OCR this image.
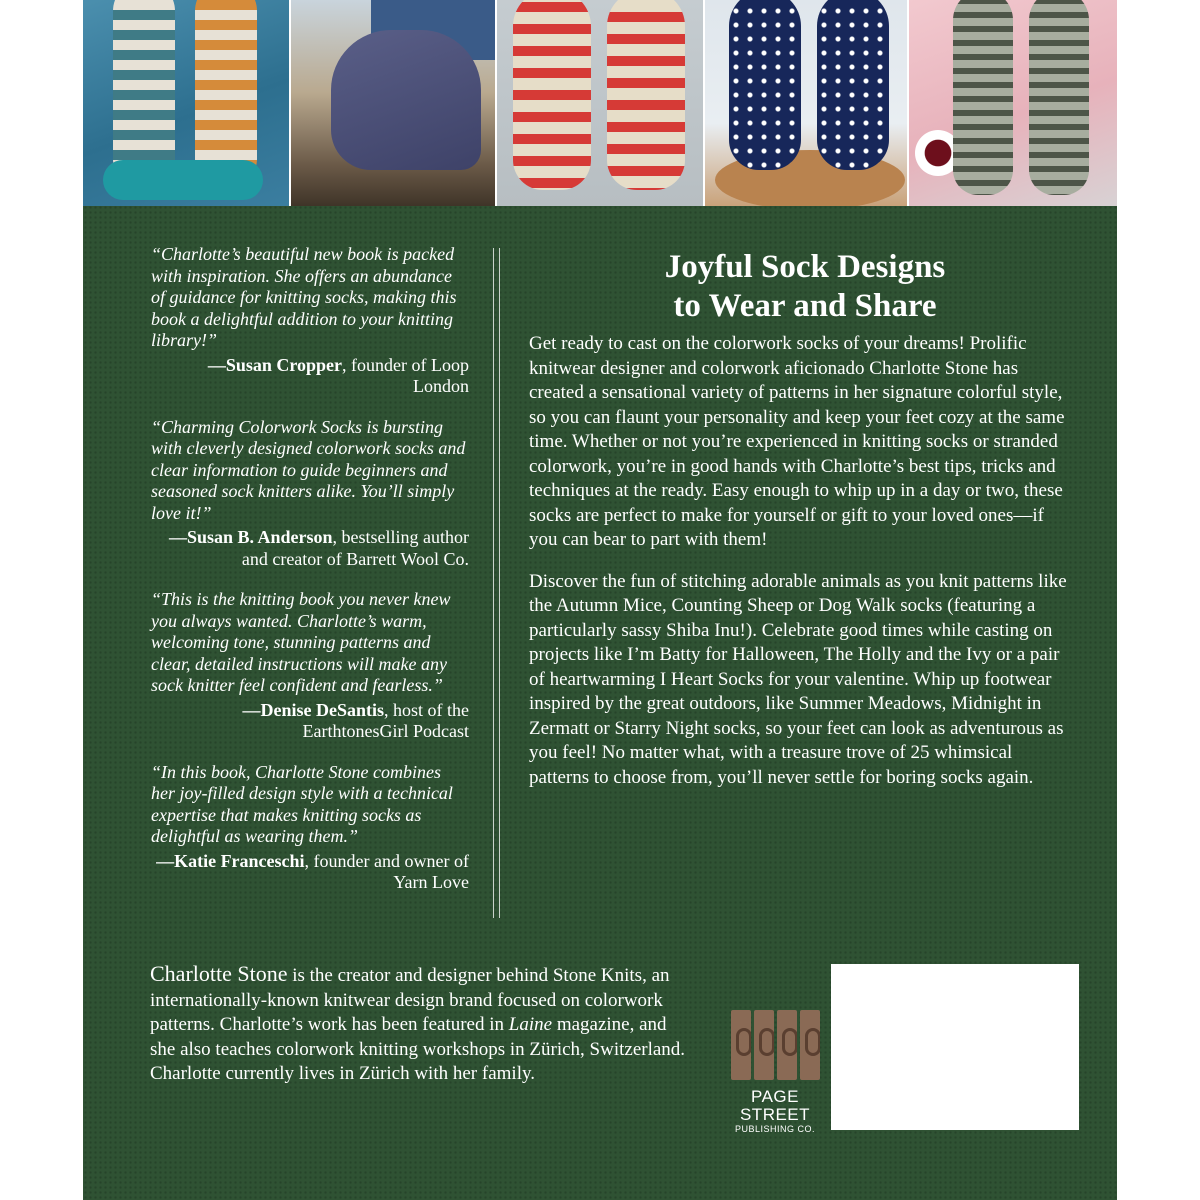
“Charlotte’s beautiful new book is packed with inspiration. She offers an abundance of guidance for knitting socks, making this book a delightful addition to your knitting library!”

—Susan Cropper, founder of Loop London

“Charming Colorwork Socks is bursting with cleverly designed colorwork socks and clear information to guide beginners and seasoned sock knitters alike. You’ll simply love it!”

—Susan B. Anderson, bestselling author and creator of Barrett Wool Co.

“This is the knitting book you never knew you always wanted. Charlotte’s warm, welcoming tone, stunning patterns and clear, detailed instructions will make any sock knitter feel confident and fearless.”

—Denise DeSantis, host of the EarthtonesGirl Podcast

“In this book, Charlotte Stone combines her joy-filled design style with a technical expertise that makes knitting socks as delightful as wearing them.”

—Katie Franceschi, founder and owner of Yarn Love

Joyful Sock Designs
to Wear and Share

Get ready to cast on the colorwork socks of your dreams! Prolific knitwear designer and colorwork aficionado Charlotte Stone has created a sensational variety of patterns in her signature colorful style, so you can flaunt your personality and keep your feet cozy at the same time. Whether or not you’re experienced in knitting socks or stranded colorwork, you’re in good hands with Charlotte’s best tips, tricks and techniques at the ready. Easy enough to whip up in a day or two, these socks are perfect to make for yourself or gift to your loved ones—if you can bear to part with them!

Discover the fun of stitching adorable animals as you knit patterns like the Autumn Mice, Counting Sheep or Dog Walk socks (featuring a particularly sassy Shiba Inu!). Celebrate good times while casting on projects like I’m Batty for Halloween, The Holly and the Ivy or a pair of heartwarming I Heart Socks for your valentine. Whip up footwear inspired by the great outdoors, like Summer Meadows, Midnight in Zermatt or Starry Night socks, so your feet can look as adventurous as you feel! No matter what, with a treasure trove of 25 whimsical patterns to choose from, you’ll never settle for boring socks again.

Charlotte Stone is the creator and designer behind Stone Knits, an internationally-known knitwear design brand focused on colorwork patterns. Charlotte’s work has been featured in Laine magazine, and she also teaches colorwork knitting workshops in Zürich, Switzerland. Charlotte currently lives in Zürich with her family.

PAGE STREET
PUBLISHING CO.
